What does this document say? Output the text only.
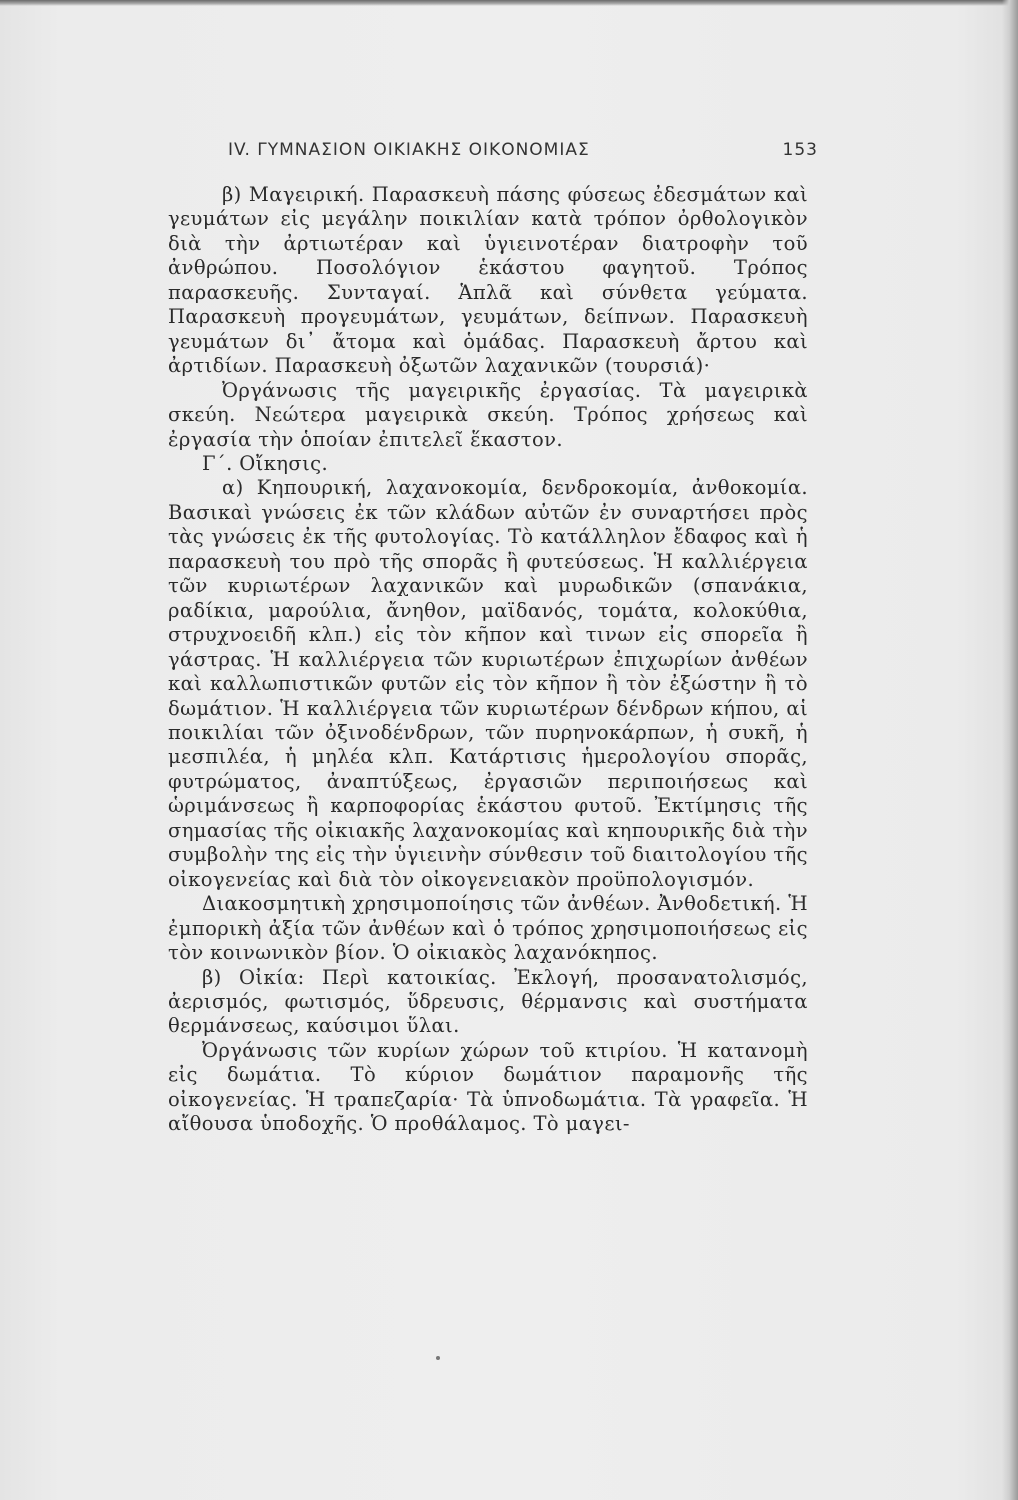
ΙV. ΓΥΜΝΑΣΙΟΝ ΟΙΚΙΑΚΗΣ ΟΙΚΟΝΟΜΙΑΣ	153

β) Μαγειρική. Παρασκευὴ πάσης φύσεως ἐδεσμάτων καὶ γευμάτων εἰς μεγάλην ποικιλίαν κατὰ τρόπον ὀρθολογικὸν διὰ τὴν ἀρτιωτέραν καὶ ὑγιεινοτέραν διατροφὴν τοῦ ἀνθρώπου. Ποσολόγιον ἑκάστου φαγητοῦ. Τρόπος παρασκευῆς. Συνταγαί. Ἁπλᾶ καὶ σύνθετα γεύματα. Παρασκευὴ προγευμάτων, γευμάτων, δείπνων. Παρασκευὴ γευμάτων δι᾽ ἄτομα καὶ ὁμάδας. Παρασκευὴ ἄρτου καὶ ἀρτιδίων. Παρασκευὴ ὀξωτῶν λαχανικῶν (τουρσιά)·

Ὀργάνωσις τῆς μαγειρικῆς ἐργασίας. Τὰ μαγειρικὰ σκεύη. Νεώτερα μαγειρικὰ σκεύη. Τρόπος χρήσεως καὶ ἐργασία τὴν ὁποίαν ἐπιτελεῖ ἕκαστον.

Γ΄. Οἴκησις.

α) Κηπουρική, λαχανοκομία, δενδροκομία, ἀνθοκομία. Βασικαὶ γνώσεις ἐκ τῶν κλάδων αὐτῶν ἐν συναρτήσει πρὸς τὰς γνώσεις ἐκ τῆς φυτολογίας. Τὸ κατάλληλον ἔδαφος καὶ ἡ παρασκευὴ του πρὸ τῆς σπορᾶς ἢ φυτεύσεως. Ἡ καλλιέργεια τῶν κυριωτέρων λαχανικῶν καὶ μυρωδικῶν (σπανάκια, ραδίκια, μαρούλια, ἄνηθον, μαϊδανός, τομάτα, κολοκύθια, στρυχνοειδῆ κλπ.) εἰς τὸν κῆπον καὶ τινων εἰς σπορεῖα ἢ γάστρας. Ἡ καλλιέργεια τῶν κυριωτέρων ἐπιχωρίων ἀνθέων καὶ καλλωπιστικῶν φυτῶν εἰς τὸν κῆπον ἢ τὸν ἐξώστην ἢ τὸ δωμάτιον. Ἡ καλλιέργεια τῶν κυριωτέρων δένδρων κήπου, αἱ ποικιλίαι τῶν ὀξινοδένδρων, τῶν πυρηνοκάρπων, ἡ συκῆ, ἡ μεσπιλέα, ἡ μηλέα κλπ. Κατάρτισις ἡμερολογίου σπορᾶς, φυτρώματος, ἀναπτύξεως, ἐργασιῶν περιποιήσεως καὶ ὡριμάνσεως ἢ καρποφορίας ἑκάστου φυτοῦ. Ἐκτίμησις τῆς σημασίας τῆς οἰκιακῆς λαχανοκομίας καὶ κηπουρικῆς διὰ τὴν συμβολὴν της εἰς τὴν ὑγιεινὴν σύνθεσιν τοῦ διαιτολογίου τῆς οἰκογενείας καὶ διὰ τὸν οἰκογενειακὸν προϋπολογισμόν.

Διακοσμητικὴ χρησιμοποίησις τῶν ἀνθέων. Ἀνθοδετική. Ἡ ἐμπορικὴ ἀξία τῶν ἀνθέων καὶ ὁ τρόπος χρησιμοποιήσεως εἰς τὸν κοινωνικὸν βίον. Ὁ οἰκιακὸς λαχανόκηπος.

β) Οἰκία: Περὶ κατοικίας. Ἐκλογή, προσανατολισμός, ἀερισμός, φωτισμός, ὕδρευσις, θέρμανσις καὶ συστήματα θερμάνσεως, καύσιμοι ὕλαι.

Ὀργάνωσις τῶν κυρίων χώρων τοῦ κτιρίου. Ἡ κατανομὴ εἰς δωμάτια. Τὸ κύριον δωμάτιον παραμονῆς τῆς οἰκογενείας. Ἡ τραπεζαρία· Τὰ ὑπνοδωμάτια. Τὰ γραφεῖα. Ἡ αἴθουσα ὑποδοχῆς. Ὁ προθάλαμος. Τὸ μαγει-
